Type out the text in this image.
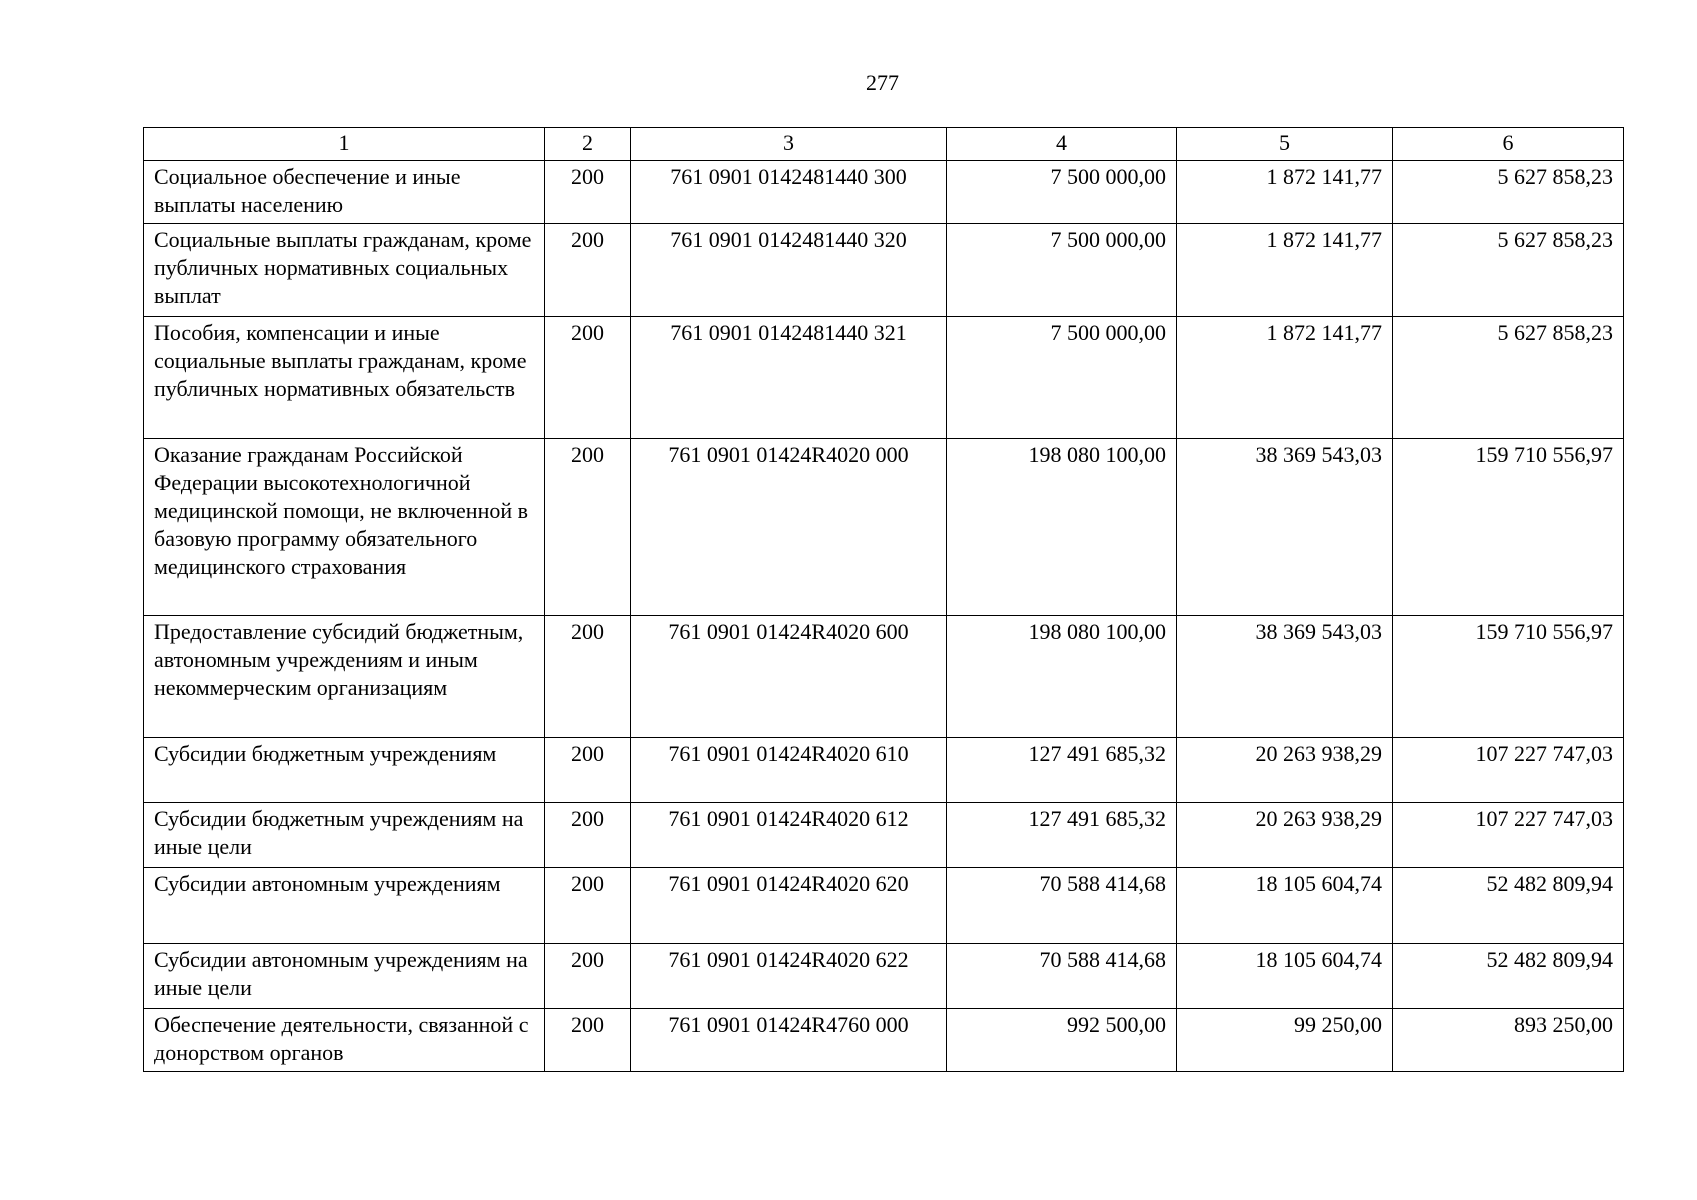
277
1	2	3	4	5	6
Социальное обеспечение и иные выплаты населению	200	761 0901 0142481440 300	7 500 000,00	1 872 141,77	5 627 858,23
Социальные выплаты гражданам, кроме публичных нормативных социальных выплат	200	761 0901 0142481440 320	7 500 000,00	1 872 141,77	5 627 858,23
Пособия, компенсации и иные социальные выплаты гражданам, кроме публичных нормативных обязательств	200	761 0901 0142481440 321	7 500 000,00	1 872 141,77	5 627 858,23
Оказание гражданам Российской Федерации высокотехнологичной медицинской помощи, не включенной в базовую программу обязательного медицинского страхования	200	761 0901 01424R4020 000	198 080 100,00	38 369 543,03	159 710 556,97
Предоставление субсидий бюджетным, автономным учреждениям и иным некоммерческим организациям	200	761 0901 01424R4020 600	198 080 100,00	38 369 543,03	159 710 556,97
Субсидии бюджетным учреждениям	200	761 0901 01424R4020 610	127 491 685,32	20 263 938,29	107 227 747,03
Субсидии бюджетным учреждениям на иные цели	200	761 0901 01424R4020 612	127 491 685,32	20 263 938,29	107 227 747,03
Субсидии автономным учреждениям	200	761 0901 01424R4020 620	70 588 414,68	18 105 604,74	52 482 809,94
Субсидии автономным учреждениям на иные цели	200	761 0901 01424R4020 622	70 588 414,68	18 105 604,74	52 482 809,94
Обеспечение деятельности, связанной с донорством органов	200	761 0901 01424R4760 000	992 500,00	99 250,00	893 250,00
